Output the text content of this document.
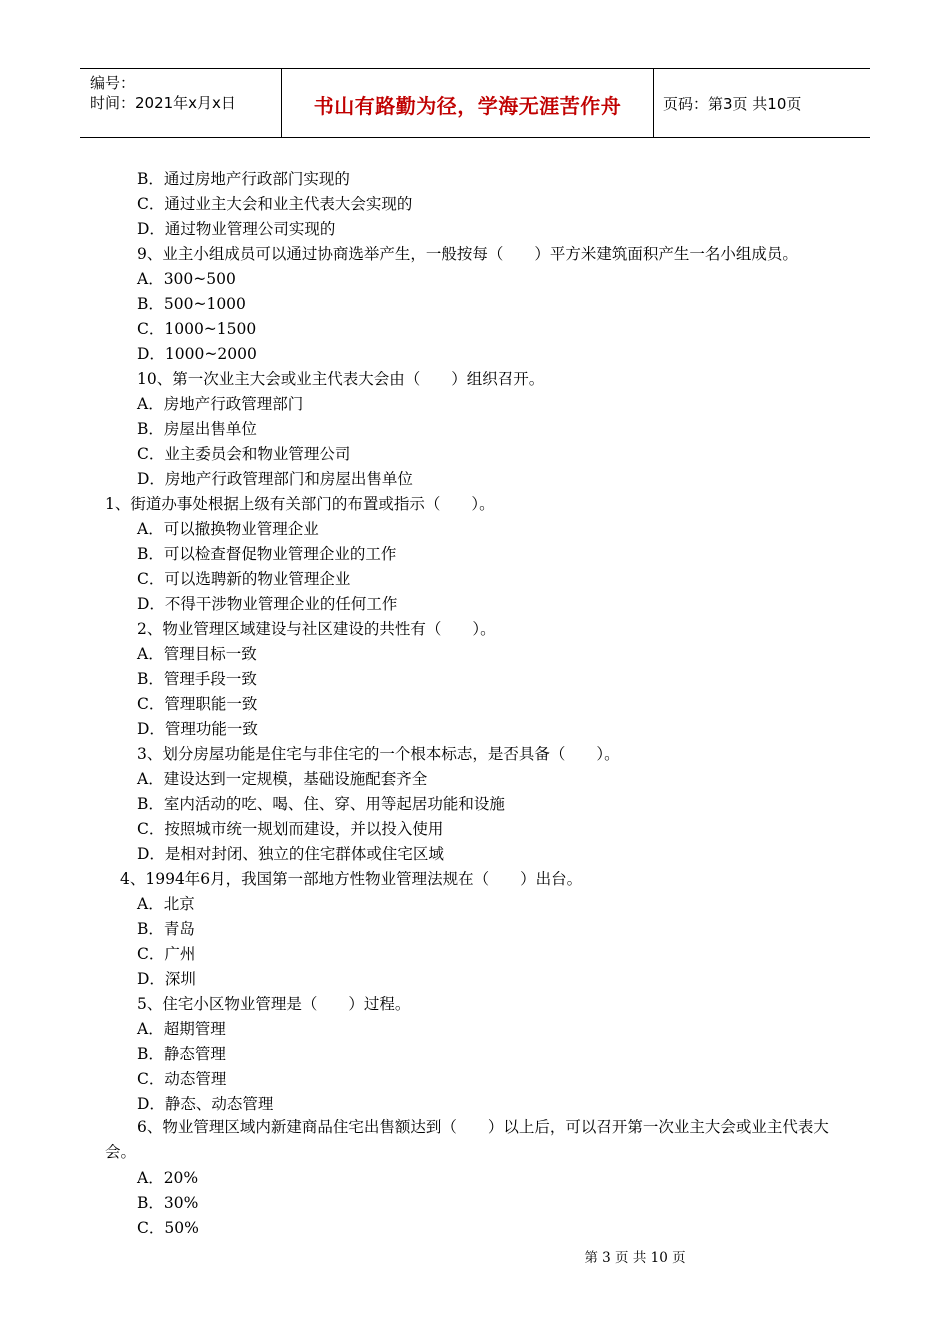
编号：
时间：2021年x月x日	书山有路勤为径，学海无涯苦作舟	页码：第3页 共10页
B．通过房地产行政部门实现的
C．通过业主大会和业主代表大会实现的
D．通过物业管理公司实现的
9、业主小组成员可以通过协商选举产生，一般按每（　　）平方米建筑面积产生一名小组成员。
A．300~500
B．500~1000
C．1000~1500
D．1000~2000
10、第一次业主大会或业主代表大会由（　　）组织召开。
A．房地产行政管理部门
B．房屋出售单位
C．业主委员会和物业管理公司
D．房地产行政管理部门和房屋出售单位
1、街道办事处根据上级有关部门的布置或指示（　　）。
A．可以撤换物业管理企业
B．可以检查督促物业管理企业的工作
C．可以选聘新的物业管理企业
D．不得干涉物业管理企业的任何工作
2、物业管理区域建设与社区建设的共性有（　　）。
A．管理目标一致
B．管理手段一致
C．管理职能一致
D．管理功能一致
3、划分房屋功能是住宅与非住宅的一个根本标志，是否具备（　　）。
A．建设达到一定规模，基础设施配套齐全
B．室内活动的吃、喝、住、穿、用等起居功能和设施
C．按照城市统一规划而建设，并以投入使用
D．是相对封闭、独立的住宅群体或住宅区域
4、1994年6月，我国第一部地方性物业管理法规在（　　）出台。
A．北京
B．青岛
C．广州
D．深圳
5、住宅小区物业管理是（　　）过程。
A．超期管理
B．静态管理
C．动态管理
D．静态、动态管理
6、物业管理区域内新建商品住宅出售额达到（　　）以上后，可以召开第一次业主大会或业主代表大会。
A．20%
B．30%
C．50%
第 3 页 共 10 页
